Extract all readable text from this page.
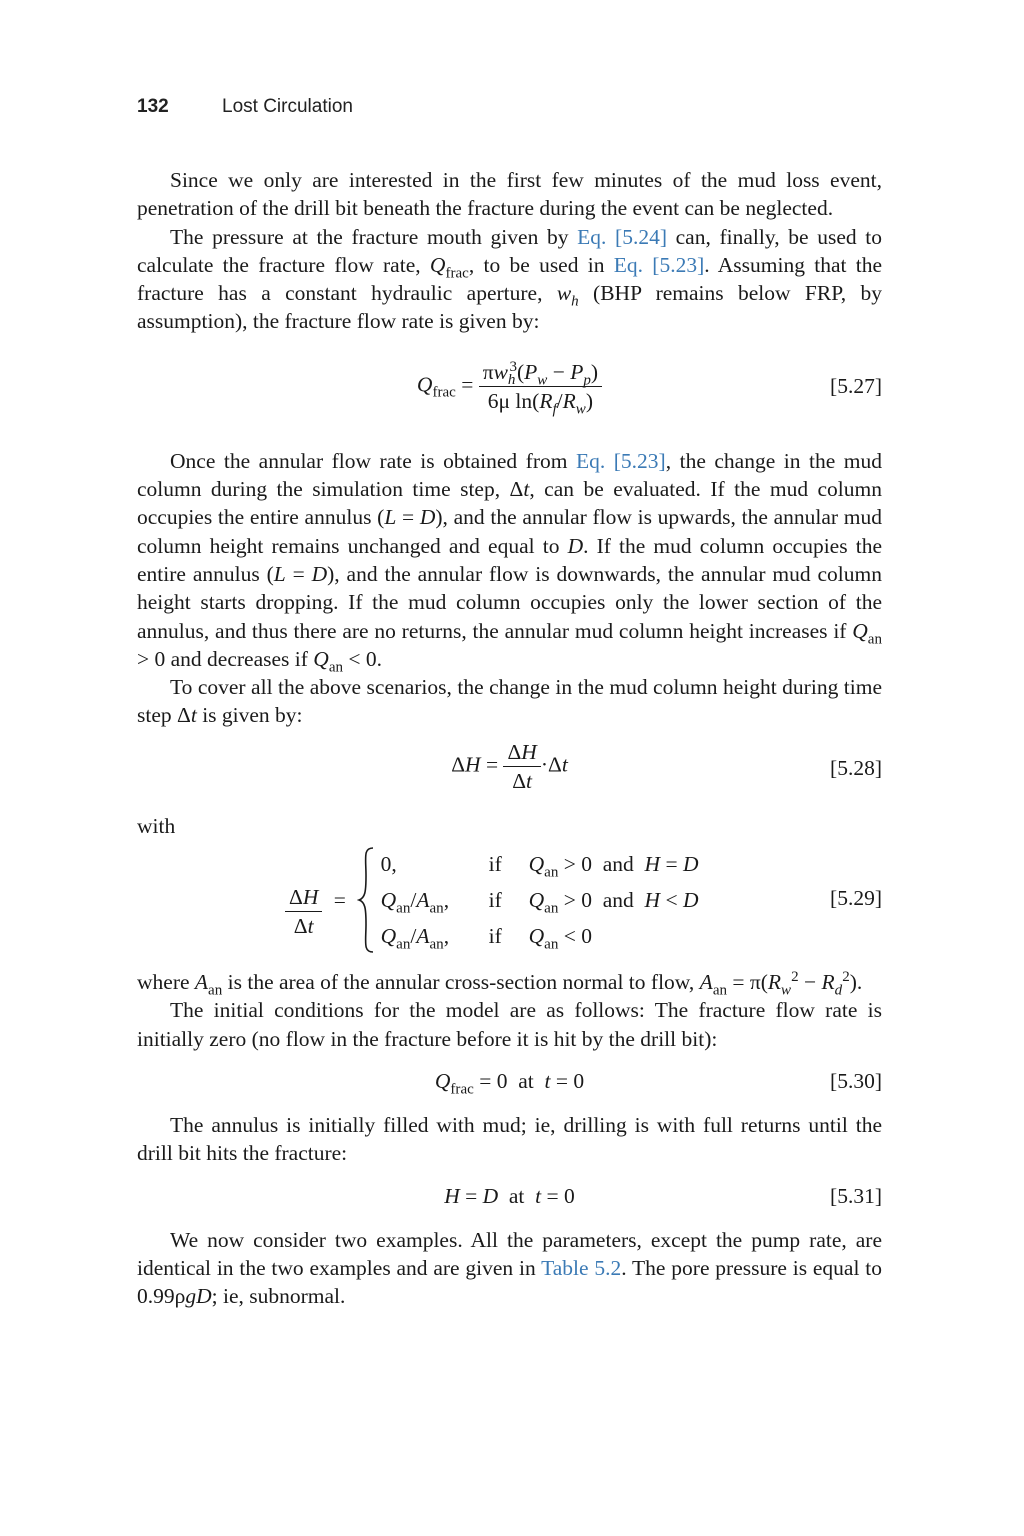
132	Lost Circulation

Since we only are interested in the first few minutes of the mud loss event, penetration of the drill bit beneath the fracture during the event can be neglected.

The pressure at the fracture mouth given by Eq. [5.24] can, finally, be used to calculate the fracture flow rate, $Q_{frac}$, to be used in Eq. [5.23]. Assuming that the fracture has a constant hydraulic aperture, $w_h$ (BHP remains below FRP, by assumption), the fracture flow rate is given by:

$Q_{frac} = \frac{\pi w_h^3(P_w - P_p)}{6\mu \ln(R_f/R_w)}$	[5.27]

Once the annular flow rate is obtained from Eq. [5.23], the change in the mud column during the simulation time step, Δt, can be evaluated. If the mud column occupies the entire annulus (L = D), and the annular flow is upwards, the annular mud column height remains unchanged and equal to D. If the mud column occupies the entire annulus (L = D), and the annular flow is downwards, the annular mud column height starts dropping. If the mud column occupies only the lower section of the annulus, and thus there are no returns, the annular mud column height increases if $Q_{an} > 0$ and decreases if $Q_{an} < 0$.

To cover all the above scenarios, the change in the mud column height during time step Δt is given by:

$\Delta H = \frac{\Delta H}{\Delta t} \cdot\Delta t$	[5.28]

with

$\frac{\Delta H}{\Delta t} = 0$,	if	$Q_{an} > 0$  and  H = D
$Q_{an}/A_{an}$,	if	$Q_{an} > 0$  and  H < D
$Q_{an}/A_{an}$,	if	$Q_{an} < 0$
[5.29]

where $A_{an}$ is the area of the annular cross-section normal to flow, $A_{an} = \pi(R_w^2 - R_d^2)$.

The initial conditions for the model are as follows: The fracture flow rate is initially zero (no flow in the fracture before it is hit by the drill bit):

$Q_{frac} = 0$  at  t = 0	[5.30]

The annulus is initially filled with mud; ie, drilling is with full returns until the drill bit hits the fracture:

H = D  at  t = 0	[5.31]

We now consider two examples. All the parameters, except the pump rate, are identical in the two examples and are given in Table 5.2. The pore pressure is equal to 0.99ρgD; ie, subnormal.
